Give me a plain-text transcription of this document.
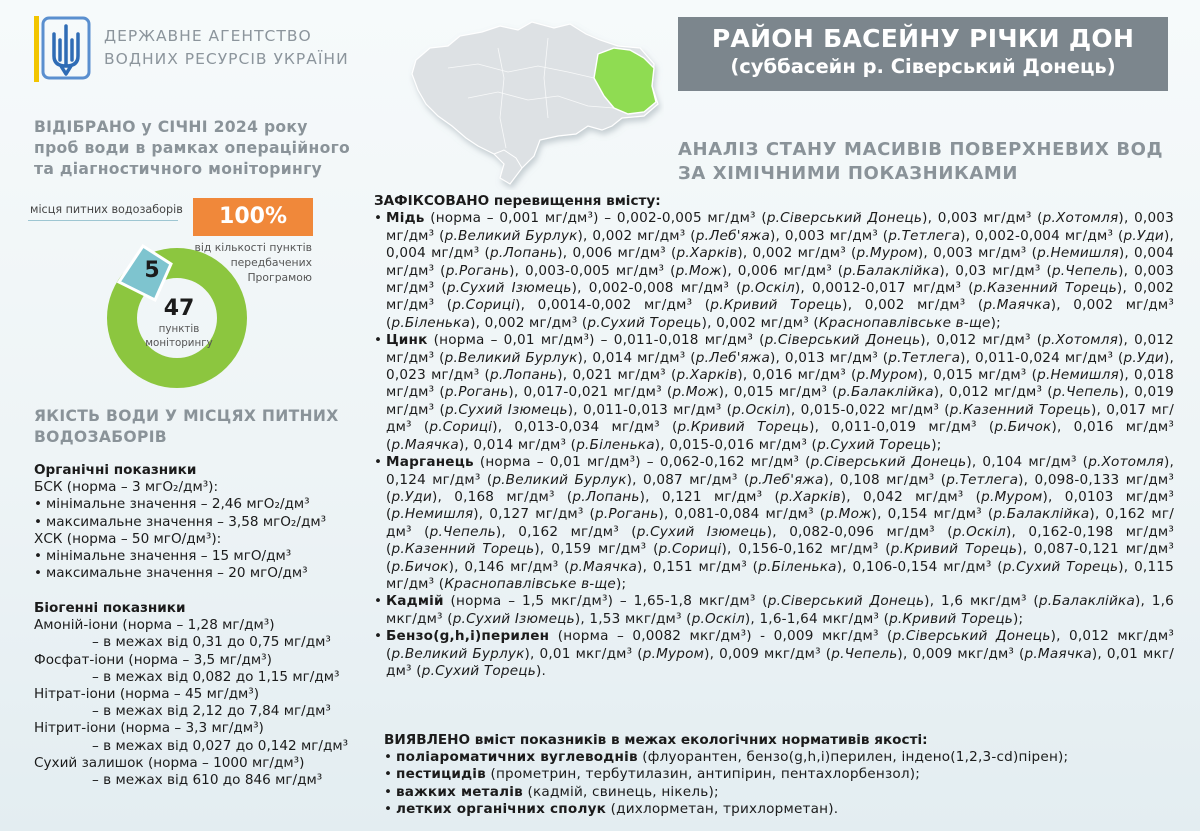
ДЕРЖАВНЕ АГЕНТСТВО
ВОДНИХ РЕСУРСІВ УКРАЇНИ
РАЙОН БАСЕЙНУ РІЧКИ ДОН
(суббасейн р. Сіверський Донець)
АНАЛІЗ СТАНУ МАСИВІВ ПОВЕРХНЕВИХ ВОД
ЗА ХІМІЧНИМИ ПОКАЗНИКАМИ
ВІДІБРАНО у СІЧНІ 2024 року
проб води в рамках операційного
та діагностичного моніторингу
місця питних водозаборів	100%
від кількості пунктів
передбачених
Програмою
5
47
пунктів
моніторингу
ЯКІСТЬ ВОДИ У МІСЦЯХ ПИТНИХ
ВОДОЗАБОРІВ
Органічні показники
БСК (норма – 3 мгO₂/дм³):
• мінімальне значення – 2,46 мгO₂/дм³
• максимальне значення – 3,58 мгO₂/дм³
ХСК (норма – 50 мгO/дм³):
• мінімальне значення – 15 мгO/дм³
• максимальне значення – 20 мгO/дм³
Біогенні показники
Амоній-іони (норма – 1,28 мг/дм³)
– в межах від 0,31 до 0,75 мг/дм³
Фосфат-іони (норма – 3,5 мг/дм³)
– в межах від 0,082 до 1,15 мг/дм³
Нітрат-іони (норма – 45 мг/дм³)
– в межах від 2,12 до 7,84 мг/дм³
Нітрит-іони (норма – 3,3 мг/дм³)
– в межах від 0,027 до 0,142 мг/дм³
Сухий залишок (норма – 1000 мг/дм³)
– в межах від 610 до 846 мг/дм³
ЗАФІКСОВАНО перевищення вмісту:
• Мідь (норма – 0,001 мг/дм³) – 0,002-0,005 мг/дм³ (р.Сіверський Донець), 0,003 мг/дм³ (р.Хотомля), 0,003 мг/дм³ (р.Великий Бурлук), 0,002 мг/дм³ (р.Леб'яжа), 0,003 мг/дм³ (р.Тетлега), 0,002-0,004 мг/дм³ (р.Уди), 0,004 мг/дм³ (р.Лопань), 0,006 мг/дм³ (р.Харків), 0,002 мг/дм³ (р.Муром), 0,003 мг/дм³ (р.Немишля), 0,004 мг/дм³ (р.Рогань), 0,003-0,005 мг/дм³ (р.Мож), 0,006 мг/дм³ (р.Балаклійка), 0,03 мг/дм³ (р.Чепель), 0,003 мг/дм³ (р.Сухий Ізюмець), 0,002-0,008 мг/дм³ (р.Оскіл), 0,0012-0,017 мг/дм³ (р.Казенний Торець), 0,002 мг/дм³ (р.Сориці), 0,0014-0,002 мг/дм³ (р.Кривий Торець), 0,002 мг/дм³ (р.Маячка), 0,002 мг/дм³ (р.Біленька), 0,002 мг/дм³ (р.Сухий Торець), 0,002 мг/дм³ (Краснопавлівське в-ще);
• Цинк (норма – 0,01 мг/дм³) – 0,011-0,018 мг/дм³ (р.Сіверський Донець), 0,012 мг/дм³ (р.Хотомля), 0,012 мг/дм³ (р.Великий Бурлук), 0,014 мг/дм³ (р.Леб'яжа), 0,013 мг/дм³ (р.Тетлега), 0,011-0,024 мг/дм³ (р.Уди), 0,023 мг/дм³ (р.Лопань), 0,021 мг/дм³ (р.Харків), 0,016 мг/дм³ (р.Муром), 0,015 мг/дм³ (р.Немишля), 0,018 мг/дм³ (р.Рогань), 0,017-0,021 мг/дм³ (р.Мож), 0,015 мг/дм³ (р.Балаклійка), 0,012 мг/дм³ (р.Чепель), 0,019 мг/дм³ (р.Сухий Ізюмець), 0,011-0,013 мг/дм³ (р.Оскіл), 0,015-0,022 мг/дм³ (р.Казенний Торець), 0,017 мг/дм³ (р.Сориці), 0,013-0,034 мг/дм³ (р.Кривий Торець), 0,011-0,019 мг/дм³ (р.Бичок), 0,016 мг/дм³ (р.Маячка), 0,014 мг/дм³ (р.Біленька), 0,015-0,016 мг/дм³ (р.Сухий Торець);
• Марганець (норма – 0,01 мг/дм³) – 0,062-0,162 мг/дм³ (р.Сіверський Донець), 0,104 мг/дм³ (р.Хотомля), 0,124 мг/дм³ (р.Великий Бурлук), 0,087 мг/дм³ (р.Леб'яжа), 0,108 мг/дм³ (р.Тетлега), 0,098-0,133 мг/дм³ (р.Уди), 0,168 мг/дм³ (р.Лопань), 0,121 мг/дм³ (р.Харків), 0,042 мг/дм³ (р.Муром), 0,0103 мг/дм³ (р.Немишля), 0,127 мг/дм³ (р.Рогань), 0,081-0,084 мг/дм³ (р.Мож), 0,154 мг/дм³ (р.Балаклійка), 0,162 мг/дм³ (р.Чепель), 0,162 мг/дм³ (р.Сухий Ізюмець), 0,082-0,096 мг/дм³ (р.Оскіл), 0,162-0,198 мг/дм³ (р.Казенний Торець), 0,159 мг/дм³ (р.Сориці), 0,156-0,162 мг/дм³ (р.Кривий Торець), 0,087-0,121 мг/дм³ (р.Бичок), 0,146 мг/дм³ (р.Маячка), 0,151 мг/дм³ (р.Біленька), 0,106-0,154 мг/дм³ (р.Сухий Торець), 0,115 мг/дм³ (Краснопавлівське в-ще);
• Кадмій (норма – 1,5 мкг/дм³) – 1,65-1,8 мкг/дм³ (р.Сіверський Донець), 1,6 мкг/дм³ (р.Балаклійка), 1,6 мкг/дм³ (р.Сухий Ізюмець), 1,53 мкг/дм³ (р.Оскіл), 1,6-1,64 мкг/дм³ (р.Кривий Торець);
• Бензо(g,h,i)перилен (норма – 0,0082 мкг/дм³) - 0,009 мкг/дм³ (р.Сіверський Донець), 0,012 мкг/дм³ (р.Великий Бурлук), 0,01 мкг/дм³ (р.Муром), 0,009 мкг/дм³ (р.Чепель), 0,009 мкг/дм³ (р.Маячка), 0,01 мкг/дм³ (р.Сухий Торець).
ВИЯВЛЕНО вміст показників в межах екологічних нормативів якості:
• поліароматичних вуглеводнів (флуорантен, бензо(g,h,i)перилен, індено(1,2,3-cd)пірен);
• пестицидів (прометрин, тербутилазин, антипірин, пентахлорбензол);
• важких металів (кадмій, свинець, нікель);
• летких органічних сполук (дихлорметан, трихлорметан).
